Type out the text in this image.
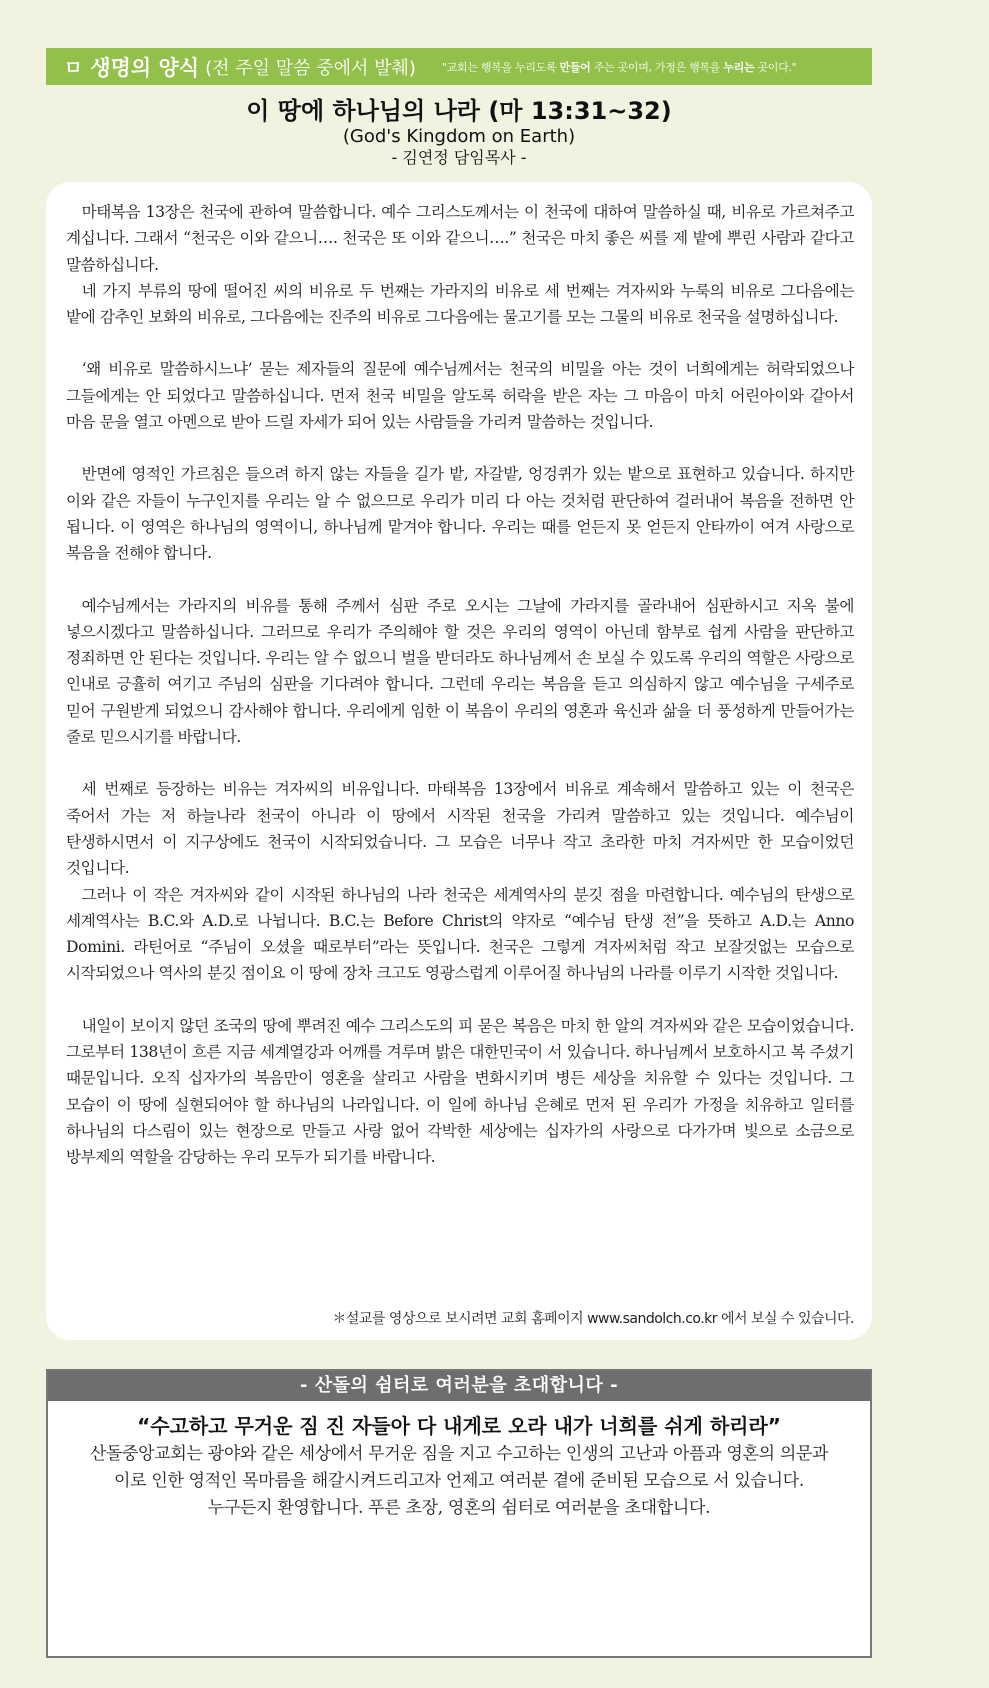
ㅁ 생명의 양식 (전 주일 말씀 중에서 발췌) "교회는 행복을 누리도록 만들어 주는 곳이며, 가정은 행복을 누리는 곳이다."
이 땅에 하나님의 나라 (마 13:31~32)
(God's Kingdom on Earth)
- 김연정 담임목사 -

마태복음 13장은 천국에 관하여 말씀합니다. 예수 그리스도께서는 이 천국에 대하여 말씀하실 때, 비유로 가르쳐주고 계십니다. 그래서 “천국은 이와 같으니…. 천국은 또 이와 같으니….” 천국은 마치 좋은 씨를 제 밭에 뿌린 사람과 같다고 말씀하십니다.

네 가지 부류의 땅에 떨어진 씨의 비유로 두 번째는 가라지의 비유로 세 번째는 겨자씨와 누룩의 비유로 그다음에는 밭에 감추인 보화의 비유로, 그다음에는 진주의 비유로 그다음에는 물고기를 모는 그물의 비유로 천국을 설명하십니다.

‘왜 비유로 말씀하시느냐’ 묻는 제자들의 질문에 예수님께서는 천국의 비밀을 아는 것이 너희에게는 허락되었으나 그들에게는 안 되었다고 말씀하십니다. 먼저 천국 비밀을 알도록 허락을 받은 자는 그 마음이 마치 어린아이와 같아서 마음 문을 열고 아멘으로 받아 드릴 자세가 되어 있는 사람들을 가리켜 말씀하는 것입니다.

반면에 영적인 가르침은 들으려 하지 않는 자들을 길가 밭, 자갈밭, 엉겅퀴가 있는 밭으로 표현하고 있습니다. 하지만 이와 같은 자들이 누구인지를 우리는 알 수 없으므로 우리가 미리 다 아는 것처럼 판단하여 걸러내어 복음을 전하면 안 됩니다. 이 영역은 하나님의 영역이니, 하나님께 맡겨야 합니다. 우리는 때를 얻든지 못 얻든지 안타까이 여겨 사랑으로 복음을 전해야 합니다.

예수님께서는 가라지의 비유를 통해 주께서 심판 주로 오시는 그날에 가라지를 골라내어 심판하시고 지옥 불에 넣으시겠다고 말씀하십니다. 그러므로 우리가 주의해야 할 것은 우리의 영역이 아닌데 함부로 쉽게 사람을 판단하고 정죄하면 안 된다는 것입니다. 우리는 알 수 없으니 벌을 받더라도 하나님께서 손 보실 수 있도록 우리의 역할은 사랑으로 인내로 긍휼히 여기고 주님의 심판을 기다려야 합니다. 그런데 우리는 복음을 듣고 의심하지 않고 예수님을 구세주로 믿어 구원받게 되었으니 감사해야 합니다. 우리에게 임한 이 복음이 우리의 영혼과 육신과 삶을 더 풍성하게 만들어가는 줄로 믿으시기를 바랍니다.

세 번째로 등장하는 비유는 겨자씨의 비유입니다. 마태복음 13장에서 비유로 계속해서 말씀하고 있는 이 천국은 죽어서 가는 저 하늘나라 천국이 아니라 이 땅에서 시작된 천국을 가리켜 말씀하고 있는 것입니다. 예수님이 탄생하시면서 이 지구상에도 천국이 시작되었습니다. 그 모습은 너무나 작고 초라한 마치 겨자씨만 한 모습이었던 것입니다.

그러나 이 작은 겨자씨와 같이 시작된 하나님의 나라 천국은 세계역사의 분깃 점을 마련합니다. 예수님의 탄생으로 세계역사는 B.C.와 A.D.로 나뉩니다. B.C.는 Before Christ의 약자로 “예수님 탄생 전”을 뜻하고 A.D.는 Anno Domini. 라틴어로 “주님이 오셨을 때로부터”라는 뜻입니다. 천국은 그렇게 겨자씨처럼 작고 보잘것없는 모습으로 시작되었으나 역사의 분깃 점이요 이 땅에 장차 크고도 영광스럽게 이루어질 하나님의 나라를 이루기 시작한 것입니다.

내일이 보이지 않던 조국의 땅에 뿌려진 예수 그리스도의 피 묻은 복음은 마치 한 알의 겨자씨와 같은 모습이었습니다. 그로부터 138년이 흐른 지금 세계열강과 어깨를 겨루며 밝은 대한민국이 서 있습니다. 하나님께서 보호하시고 복 주셨기 때문입니다. 오직 십자가의 복음만이 영혼을 살리고 사람을 변화시키며 병든 세상을 치유할 수 있다는 것입니다. 그 모습이 이 땅에 실현되어야 할 하나님의 나라입니다. 이 일에 하나님 은혜로 먼저 된 우리가 가정을 치유하고 일터를 하나님의 다스림이 있는 현장으로 만들고 사랑 없어 각박한 세상에는 십자가의 사랑으로 다가가며 빛으로 소금으로 방부제의 역할을 감당하는 우리 모두가 되기를 바랍니다.

＊설교를 영상으로 보시려면 교회 홈페이지 www.sandolch.co.kr 에서 보실 수 있습니다.
- 산돌의 쉼터로 여러분을 초대합니다 -
“수고하고 무거운 짐 진 자들아 다 내게로 오라 내가 너희를 쉬게 하리라”
산돌중앙교회는 광야와 같은 세상에서 무거운 짐을 지고 수고하는 인생의 고난과 아픔과 영혼의 의문과
이로 인한 영적인 목마름을 해갈시켜드리고자 언제고 여러분 곁에 준비된 모습으로 서 있습니다.
누구든지 환영합니다. 푸른 초장, 영혼의 쉼터로 여러분을 초대합니다.
